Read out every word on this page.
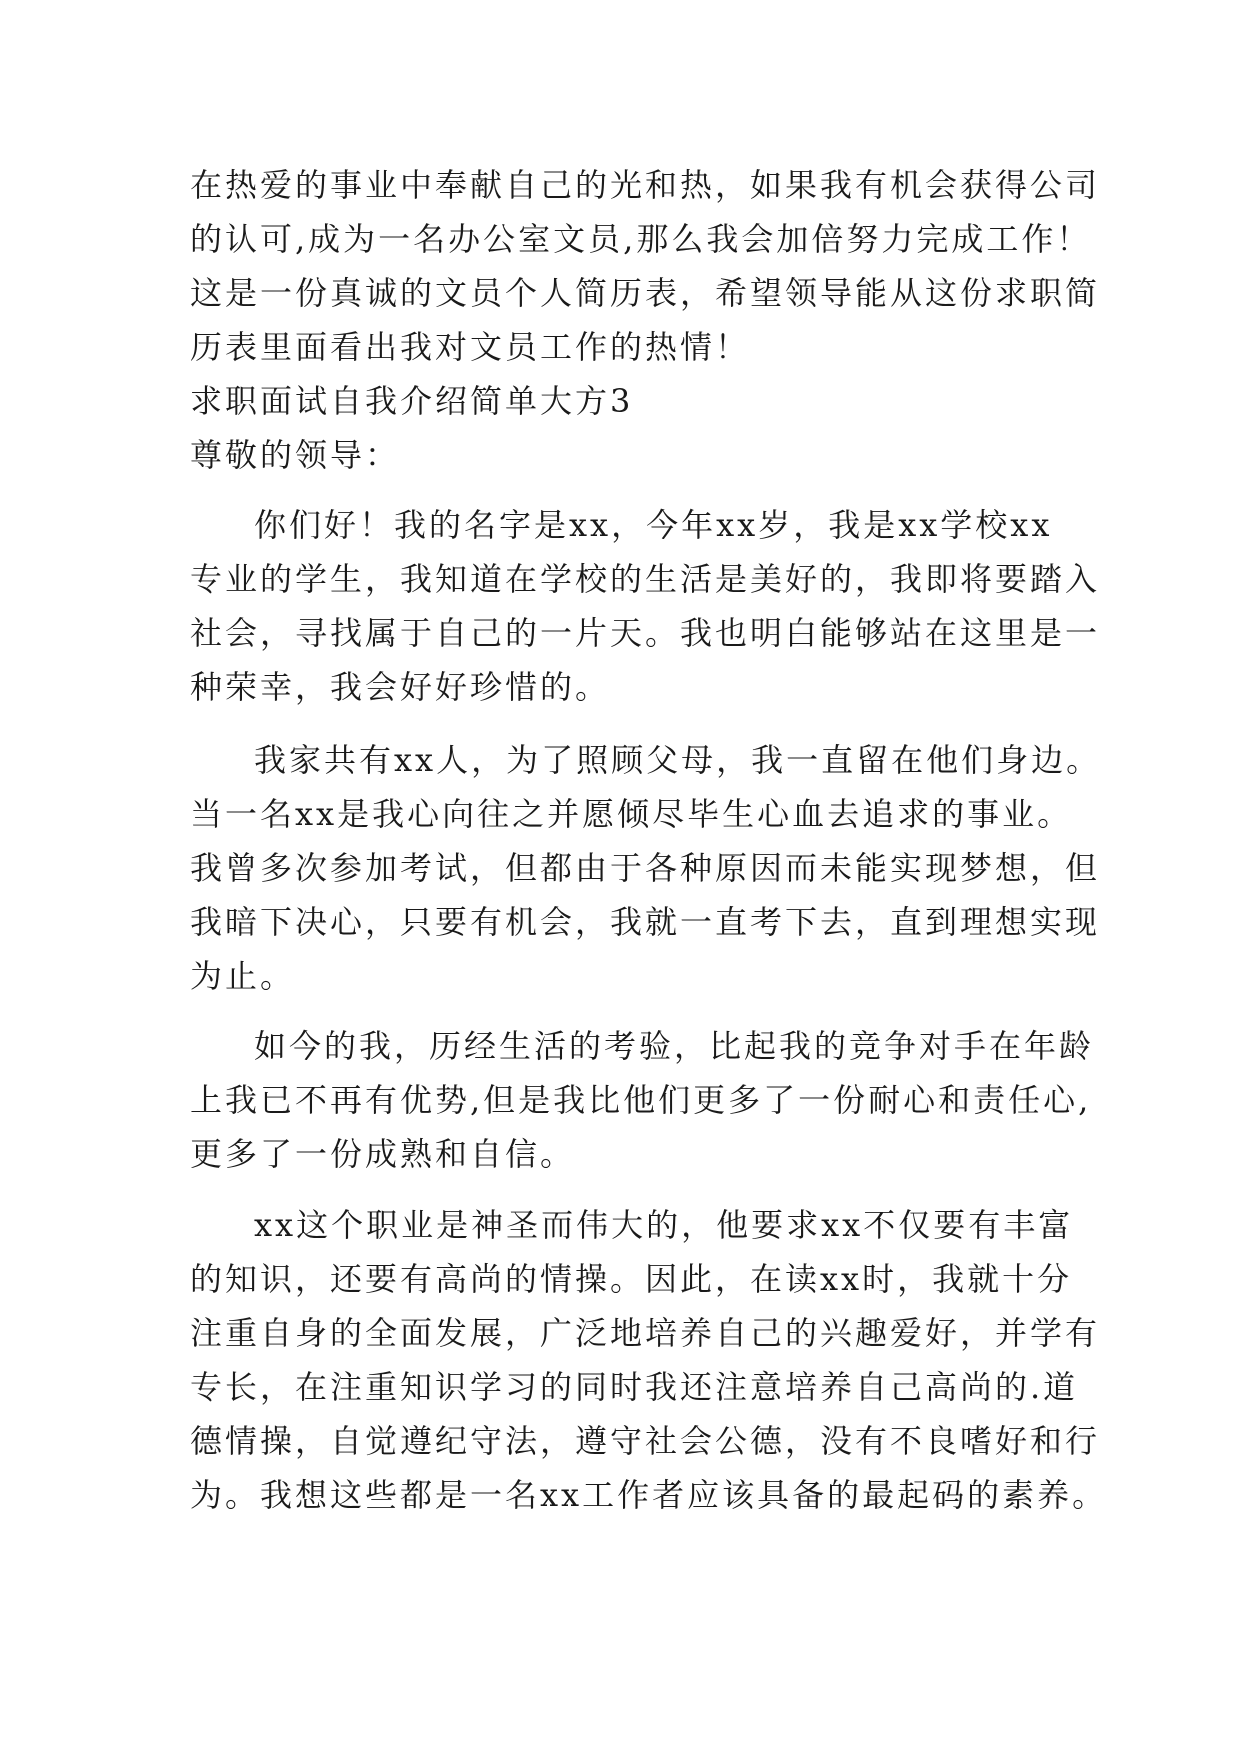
在热爱的事业中奉献自己的光和热，如果我有机会获得公司

的认可,成为一名办公室文员,那么我会加倍努力完成工作！

这是一份真诚的文员个人简历表，希望领导能从这份求职简

历表里面看出我对文员工作的热情！

求职面试自我介绍简单大方3

尊敬的领导：

你们好！我的名字是xx，今年xx岁，我是xx学校xx

专业的学生，我知道在学校的生活是美好的，我即将要踏入

社会，寻找属于自己的一片天。我也明白能够站在这里是一

种荣幸，我会好好珍惜的。

我家共有xx人，为了照顾父母，我一直留在他们身边。

当一名xx是我心向往之并愿倾尽毕生心血去追求的事业。

我曾多次参加考试，但都由于各种原因而未能实现梦想，但

我暗下决心，只要有机会，我就一直考下去，直到理想实现

为止。

如今的我，历经生活的考验，比起我的竞争对手在年龄

上我已不再有优势,但是我比他们更多了一份耐心和责任心,

更多了一份成熟和自信。

xx这个职业是神圣而伟大的，他要求xx不仅要有丰富

的知识，还要有高尚的情操。因此，在读xx时，我就十分

注重自身的全面发展，广泛地培养自己的兴趣爱好，并学有

专长，在注重知识学习的同时我还注意培养自己高尚的.道

德情操，自觉遵纪守法，遵守社会公德，没有不良嗜好和行

为。我想这些都是一名xx工作者应该具备的最起码的素养。
